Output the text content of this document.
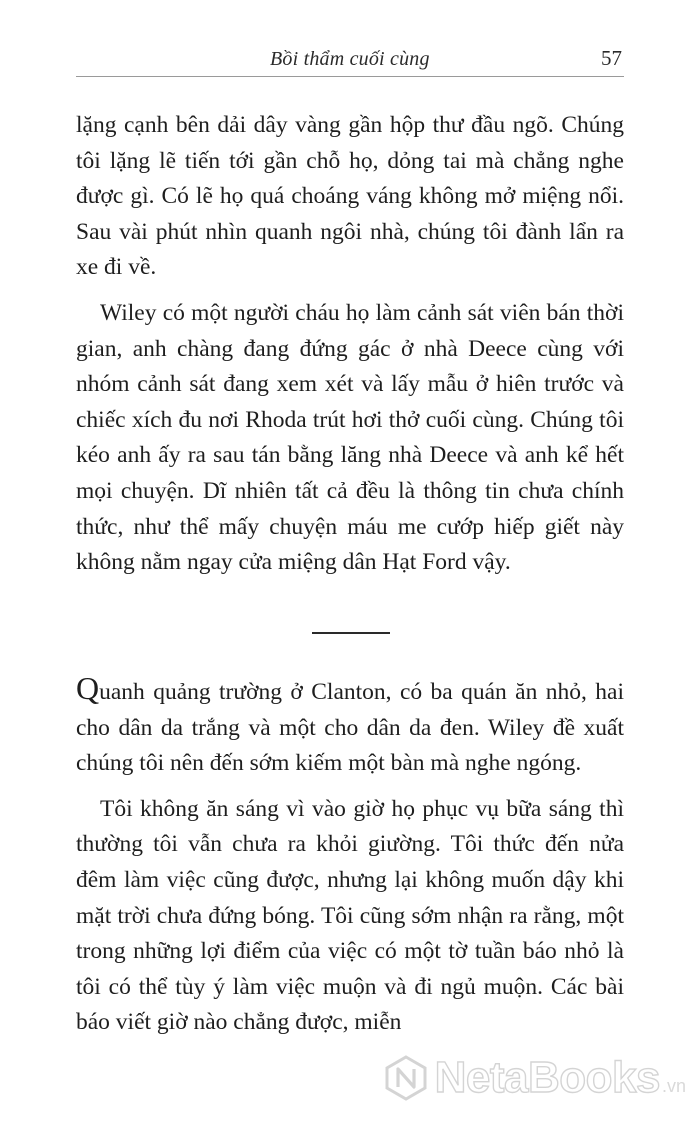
Bồi thẩm cuối cùng	57

lặng cạnh bên dải dây vàng gần hộp thư đầu ngõ. Chúng tôi lặng lẽ tiến tới gần chỗ họ, dỏng tai mà chẳng nghe được gì. Có lẽ họ quá choáng váng không mở miệng nổi. Sau vài phút nhìn quanh ngôi nhà, chúng tôi đành lẩn ra xe đi về.

Wiley có một người cháu họ làm cảnh sát viên bán thời gian, anh chàng đang đứng gác ở nhà Deece cùng với nhóm cảnh sát đang xem xét và lấy mẫu ở hiên trước và chiếc xích đu nơi Rhoda trút hơi thở cuối cùng. Chúng tôi kéo anh ấy ra sau tán bằng lăng nhà Deece và anh kể hết mọi chuyện. Dĩ nhiên tất cả đều là thông tin chưa chính thức, như thể mấy chuyện máu me cướp hiếp giết này không nằm ngay cửa miệng dân Hạt Ford vậy.

Quanh quảng trường ở Clanton, có ba quán ăn nhỏ, hai cho dân da trắng và một cho dân da đen. Wiley đề xuất chúng tôi nên đến sớm kiếm một bàn mà nghe ngóng.

Tôi không ăn sáng vì vào giờ họ phục vụ bữa sáng thì thường tôi vẫn chưa ra khỏi giường. Tôi thức đến nửa đêm làm việc cũng được, nhưng lại không muốn dậy khi mặt trời chưa đứng bóng. Tôi cũng sớm nhận ra rằng, một trong những lợi điểm của việc có một tờ tuần báo nhỏ là tôi có thể tùy ý làm việc muộn và đi ngủ muộn. Các bài báo viết giờ nào chẳng được, miễn

NetaBooks .vn
